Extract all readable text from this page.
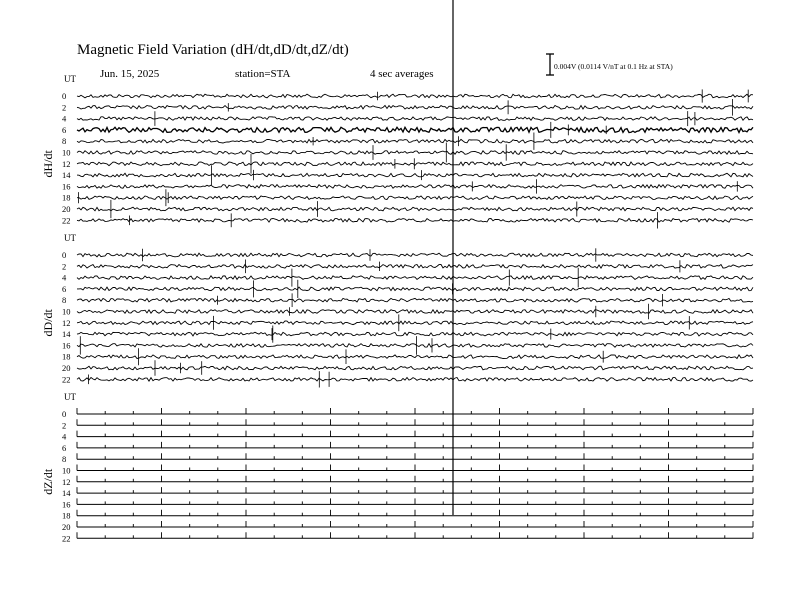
Magnetic Field Variation (dH/dt,dD/dt,dZ/dt)
Jun. 15, 2025	station=STA	4 sec averages
0.004V (0.0114 V/nT at 0.1 Hz at STA)
UT
dH/dt
0
2
4
6
8
10
12
14
16
18
20
22
UT
dD/dt
0
2
4
6
8
10
12
14
16
18
20
22
UT
dZ/dt
0
2
4
6
8
10
12
14
16
18
20
22
